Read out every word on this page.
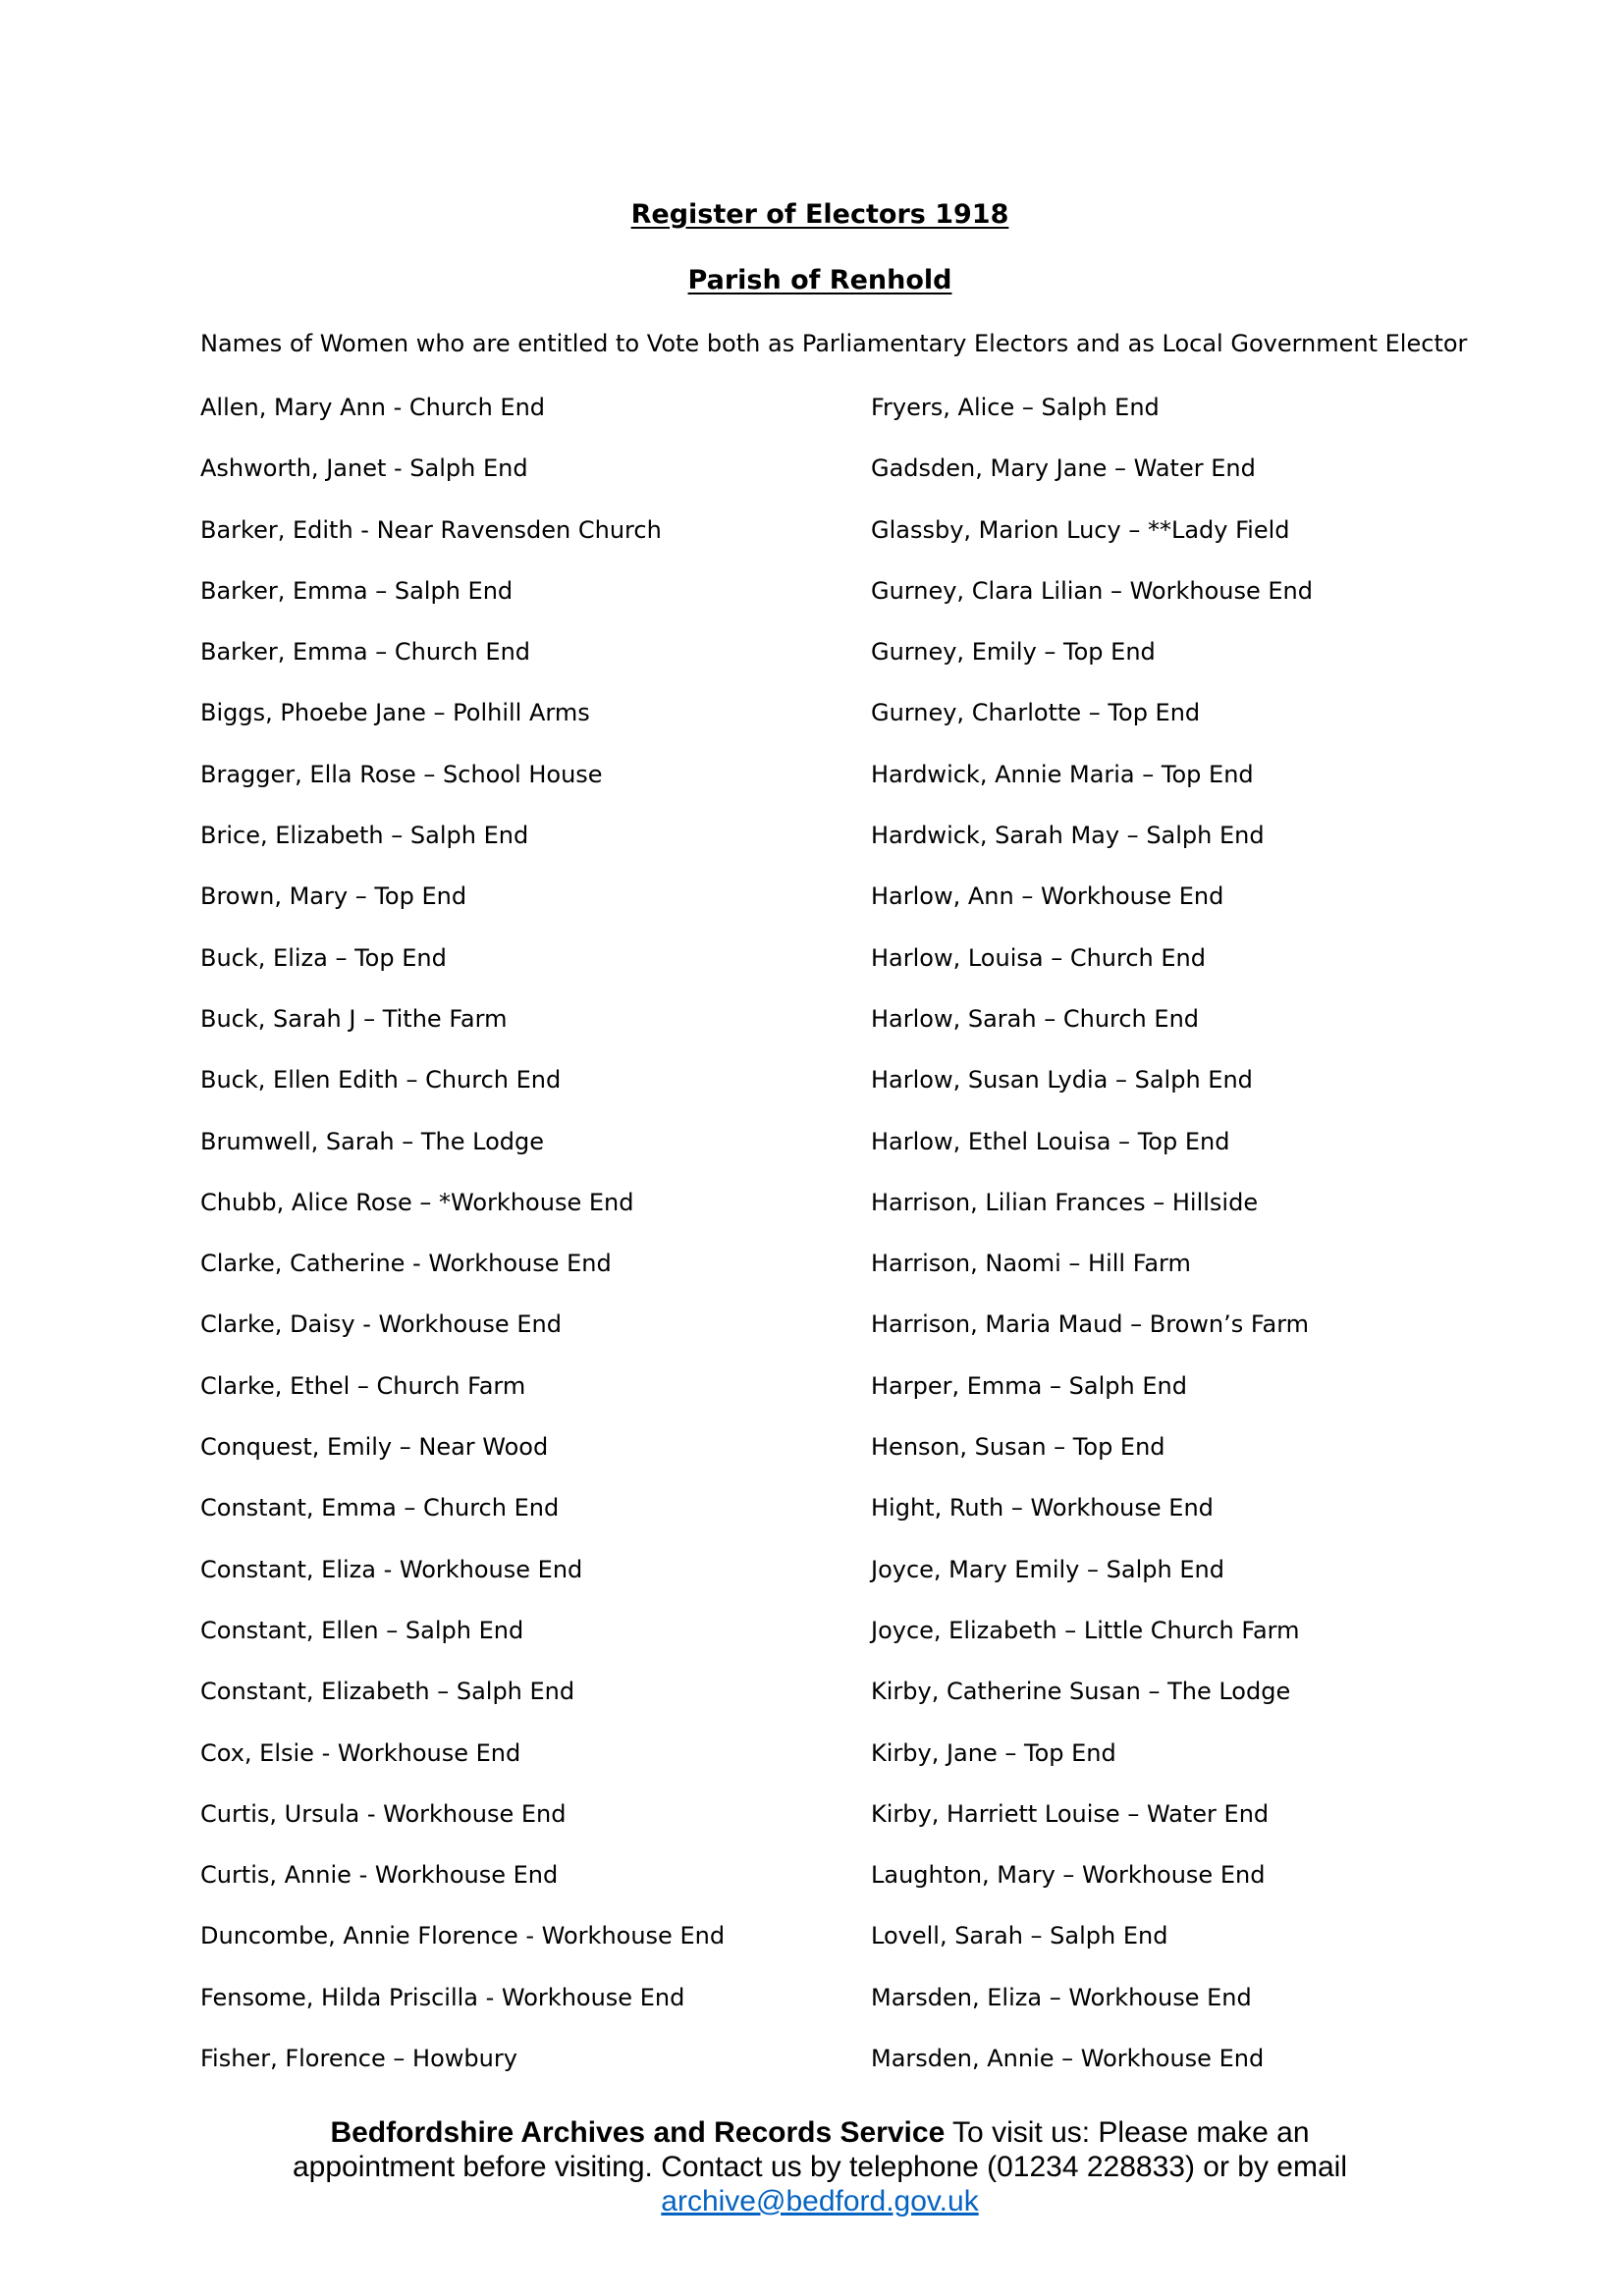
Register of Electors 1918
Parish of Renhold

Names of Women who are entitled to Vote both as Parliamentary Electors and as Local Government Elector

Allen, Mary Ann - Church End
Ashworth, Janet - Salph End
Barker, Edith - Near Ravensden Church
Barker, Emma – Salph End
Barker, Emma – Church End
Biggs, Phoebe Jane – Polhill Arms
Bragger, Ella Rose – School House
Brice, Elizabeth – Salph End
Brown, Mary – Top End
Buck, Eliza – Top End
Buck, Sarah J – Tithe Farm
Buck, Ellen Edith – Church End
Brumwell, Sarah – The Lodge
Chubb, Alice Rose – *Workhouse End
Clarke, Catherine - Workhouse End
Clarke, Daisy - Workhouse End
Clarke, Ethel – Church Farm
Conquest, Emily – Near Wood
Constant, Emma – Church End
Constant, Eliza - Workhouse End
Constant, Ellen – Salph End
Constant, Elizabeth – Salph End
Cox, Elsie - Workhouse End
Curtis, Ursula - Workhouse End
Curtis, Annie - Workhouse End
Duncombe, Annie Florence - Workhouse End
Fensome, Hilda Priscilla - Workhouse End
Fisher, Florence – Howbury
Fryers, Alice – Salph End
Gadsden, Mary Jane – Water End
Glassby, Marion Lucy – **Lady Field
Gurney, Clara Lilian – Workhouse End
Gurney, Emily – Top End
Gurney, Charlotte – Top End
Hardwick, Annie Maria – Top End
Hardwick, Sarah May – Salph End
Harlow, Ann – Workhouse End
Harlow, Louisa – Church End
Harlow, Sarah – Church End
Harlow, Susan Lydia – Salph End
Harlow, Ethel Louisa – Top End
Harrison, Lilian Frances – Hillside
Harrison, Naomi – Hill Farm
Harrison, Maria Maud – Brown’s Farm
Harper, Emma – Salph End
Henson, Susan – Top End
Hight, Ruth – Workhouse End
Joyce, Mary Emily – Salph End
Joyce, Elizabeth – Little Church Farm
Kirby, Catherine Susan – The Lodge
Kirby, Jane – Top End
Kirby, Harriett Louise – Water End
Laughton, Mary – Workhouse End
Lovell, Sarah – Salph End
Marsden, Eliza – Workhouse End
Marsden, Annie – Workhouse End
Bedfordshire Archives and Records Service To visit us: Please make an
appointment before visiting. Contact us by telephone (01234 228833) or by email
archive@bedford.gov.uk
